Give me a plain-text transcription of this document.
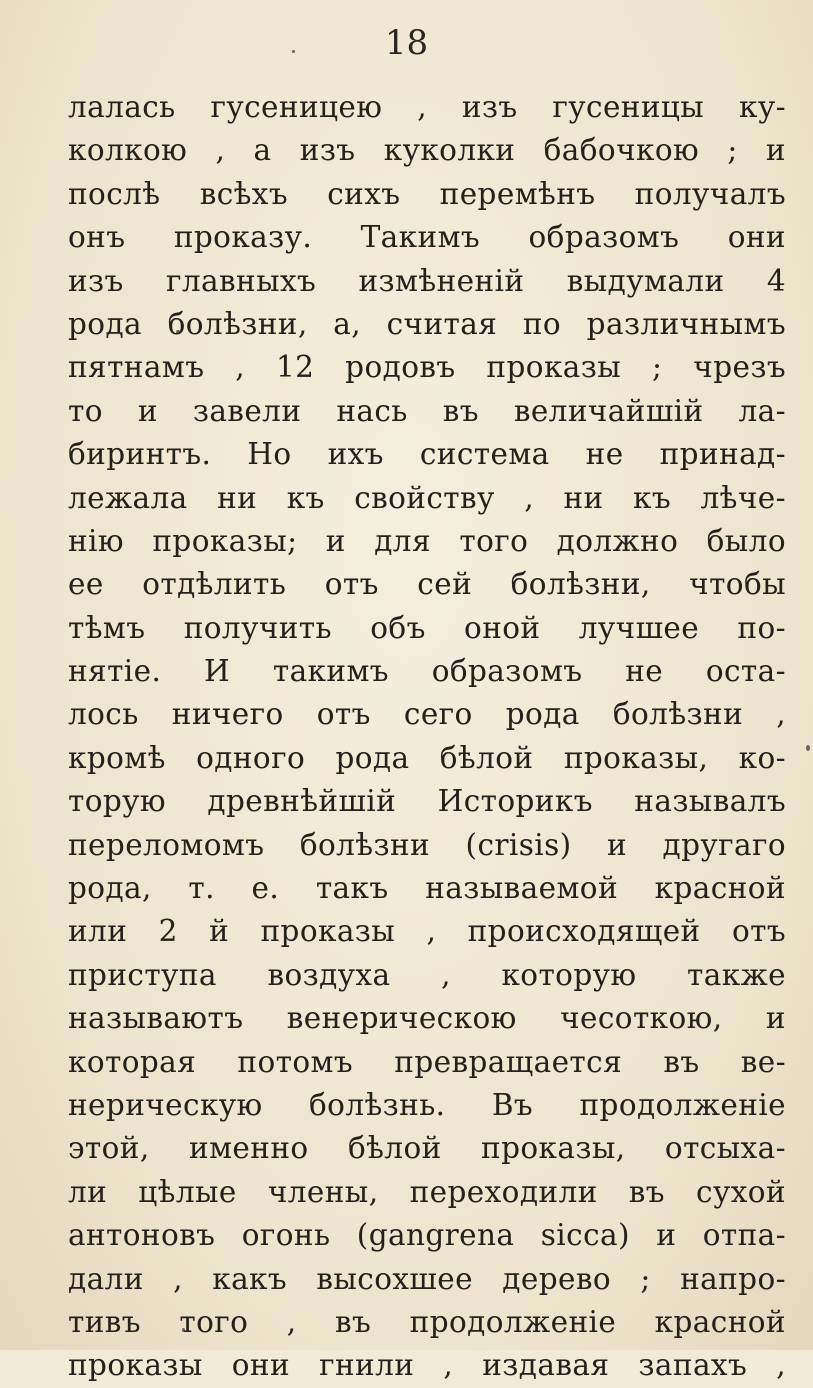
18
лалась гусеницею , изъ гусеницы ку-
колкою , а изъ куколки бабочкою ; и
послѣ всѣхъ сихъ перемѣнъ получалъ
онъ проказу. Такимъ образомъ они
изъ главныхъ измѣненій выдумали 4
рода болѣзни, а, считая по различнымъ
пятнамъ , 12 родовъ проказы ; чрезъ
то и завели нась въ величайшій ла-
биринтъ. Но ихъ система не принад-
лежала ни къ свойству , ни къ лѣче-
нію проказы; и для того должно было
ее отдѣлить отъ сей болѣзни, чтобы
тѣмъ получить объ оной лучшее по-
нятіе. И такимъ образомъ не оста-
лось ничего отъ сего рода болѣзни ,
кромѣ одного рода бѣлой проказы, ко-
торую древнѣйшій Историкъ называлъ
переломомъ болѣзни (crisis) и другаго
рода, т. е. такъ называемой красной
или 2 й проказы , происходящей отъ
приступа воздуха , которую также
называютъ венерическою чесоткою, и
которая потомъ превращается въ ве-
нерическую болѣзнь. Въ продолженіе
этой, именно бѣлой проказы, отсыха-
ли цѣлые члены, переходили въ сухой
антоновъ огонь (gangrena sicca) и отпа-
дали , какъ высохшее дерево ; напро-
тивъ того , въ продолженіе красной
проказы они гнили , издавая запахъ ,
